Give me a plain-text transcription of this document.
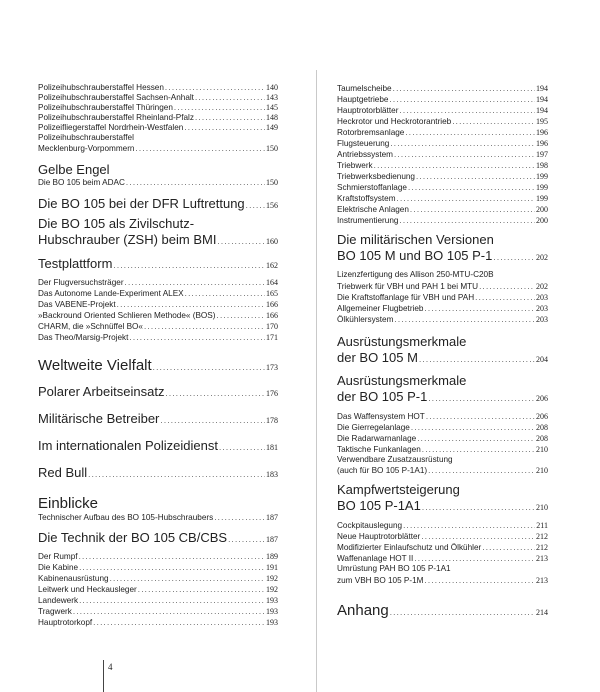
Polizeihubschrauberstaffel Hessen . . .	140
Polizeihubschrauberstaffel Sachsen-Anhalt . . .	143
Polizeihubschrauberstaffel Thüringen . . .	145
Polizeihubschrauberstaffel Rheinland-Pfalz . . .	148
Polizeifliegerstaffel Nordrhein-Westfalen . . .	149
Polizeihubschrauberstaffel
Mecklenburg-Vorpommern . . .	150
Gelbe Engel
Die BO 105 beim ADAC . . .	150
Die BO 105 bei der DFR Luftrettung . . .	156
Die BO 105 als Zivilschutz-
Hubschrauber (ZSH) beim BMI . . .	160
Testplattform . . .	162
Der Flugversuchsträger . . .	164
Das Autonome Lande-Experiment ALEX . . .	165
Das VABENE-Projekt . . .	166
»Backround Oriented Schlieren Methode« (BOS) . . .	166
CHARM, die »Schnüffel BO« . . .	170
Das Theo/Marsig-Projekt . . .	171
Weltweite Vielfalt . . .	173
Polarer Arbeitseinsatz . . .	176
Militärische Betreiber . . .	178
Im internationalen Polizeidienst . . .	181
Red Bull . . .	183
Einblicke
Technischer Aufbau des BO 105-Hubschraubers . . .	187
Die Technik der BO 105 CB/CBS . . .	187
Der Rumpf . . .	189
Die Kabine . . .	191
Kabinenausrüstung . . .	192
Leitwerk und Heckausleger . . .	192
Landewerk . . .	193
Tragwerk . . .	193
Hauptrotorkopf . . .	193
Taumelscheibe . . .	194
Hauptgetriebe . . .	194
Hauptrotorblätter . . .	194
Heckrotor und Heckrotorantrieb . . .	195
Rotorbremsanlage . . .	196
Flugsteuerung . . .	196
Antriebssystem . . .	197
Triebwerk . . .	198
Triebwerksbedienung . . .	199
Schmierstoffanlage . . .	199
Kraftstoffsystem . . .	199
Elektrische Anlagen . . .	200
Instrumentierung . . .	200
Die militärischen Versionen
BO 105 M und BO 105 P-1 . . .	202
Lizenzfertigung des Allison 250-MTU-C20B
Triebwerk für VBH und PAH 1 bei MTU . . .	202
Die Kraftstoffanlage für VBH und PAH . . .	203
Allgemeiner Flugbetrieb . . .	203
Ölkühlersystem . . .	203
Ausrüstungsmerkmale
der BO 105 M . . .	204
Ausrüstungsmerkmale
der BO 105 P-1 . . .	206
Das Waffensystem HOT . . .	206
Die Gierregelanlage . . .	208
Die Radarwarnanlage . . .	208
Taktische Funkanlagen . . .	210
Verwendbare Zusatzausrüstung
(auch für BO 105 P-1A1) . . .	210
Kampfwertsteigerung
BO 105 P-1A1 . . .	210
Cockpitauslegung . . .	211
Neue Hauptrotorblätter . . .	212
Modifizierter Einlaufschutz und Ölkühler . . .	212
Waffenanlage HOT II . . .	213
Umrüstung PAH BO 105 P-1A1
zum VBH BO 105 P-1M . . .	213
Anhang . . .	214
4
